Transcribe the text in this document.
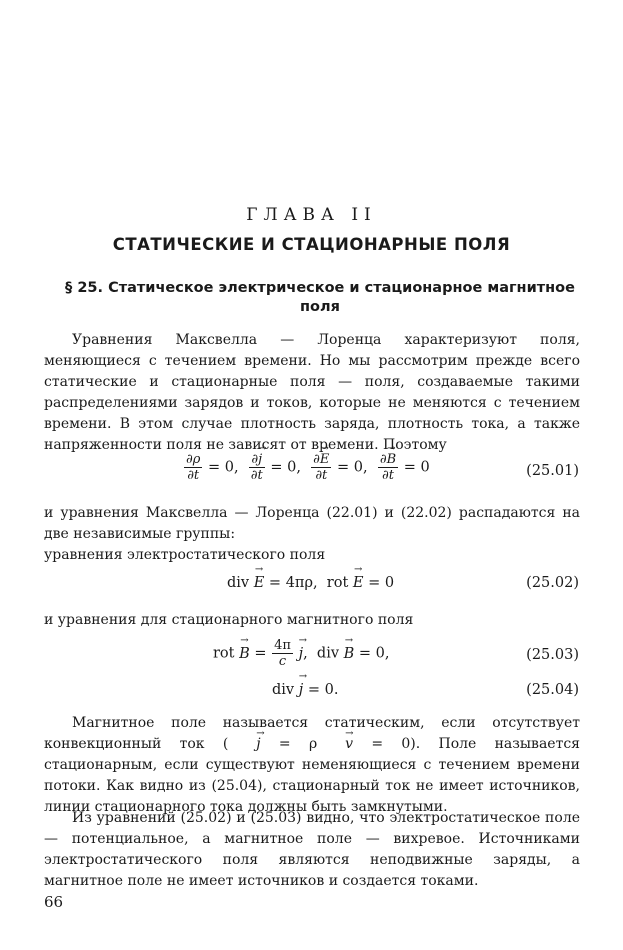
ГЛАВА II
СТАТИЧЕСКИЕ И СТАЦИОНАРНЫЕ ПОЛЯ
§ 25. Статическое электрическое и стационарное магнитное поля

Уравнения Максвелла — Лоренца характеризуют поля, меняющиеся с течением времени. Но мы рассмотрим прежде всего статические и стационарные поля — поля, создаваемые такими распределениями зарядов и токов, которые не меняются с течением времени. В этом случае плотность заряда, плотность тока, а также напряженности поля не зависят от времени. Поэтому

$\frac{\partial\rho}{\partial t} = 0$, $\frac{\partial\to j}{\partial t} = 0$, $\frac{\partial\to E}{\partial t} = 0$, $\frac{\partial\to B}{\partial t} = 0$	(25.01)

и уравнения Максвелла — Лоренца (22.01) и (22.02) распадаются на две независимые группы:

уравнения электростатического поля

div → E = 4πρ,  rot → E = 0	(25.02)

и уравнения для стационарного магнитного поля

rot → $B = \frac{4\pi}{c}$
→ j,  div → B = 0,	(25.03)
div → j = 0.	(25.04)

Магнитное поле называется статическим, если отсутствует конвекционный ток (→ j = ρ→ v = 0). Поле называется стационарным, если существуют неменяющиеся с течением времени потоки. Как видно из (25.04), стационарный ток не имеет источников, линии стационарного тока должны быть замкнутыми.

Из уравнений (25.02) и (25.03) видно, что электростатическое поле — потенциальное, а магнитное поле — вихревое. Источниками электростатического поля являются неподвижные заряды, а магнитное поле не имеет источников и создается токами.

66
